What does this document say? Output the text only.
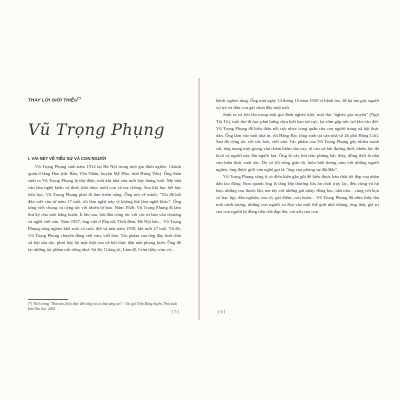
THAY LỜI GIỚI THIỆU(*)
Vũ Trọng Phụng
I. VÀI NÉT VỀ TIỂU SỬ VÀ CON NGƯỜI

Vũ Trọng Phụng sinh năm 1912 tại Hà Nội trong một gia đình nghèo. Chánh quán ở làng Hảo (tức Bần, Yên Nhân, huyện Mỹ Hào, tỉnh Hưng Yên). Ông thân sinh ra Vũ Trọng Phụng là thợ điện, mất khi nhà văn mới bảy tháng tuổi. Mẹ nhà văn làm nghề khâu vá thuê, khó nhọc nuôi con và mẹ chồng. Sau khi học hết bậc tiểu học, Vũ Trọng Phụng phải đi làm kiếm sống. Ông nói về mình: "Tôi đã bắt đầu viết văn từ năm 17 tuổi, tôi làm nghề này vì không thể làm nghề khác". Ông từng viết chung và cộng tác với nhiều tờ báo. Năm 1926, Vũ Trọng Phụng đi làm thư ký cho một hãng buôn. Ít lâu sau, bắt đầu cộng tác với các tờ báo văn chương và nghề viết văn. Năm 1937, ông viết ở Phụ nữ, Thời đàm, Hà Nội báo... Vũ Trọng Phụng sống nghèo khổ suốt cả cuộc đời và mất năm 1939, khi mới 27 tuổi. Từ đó, Vũ Trọng Phụng chuyên đăng viết văn, viết báo. Tác phẩm của ông đầy tính chất xã hội sâu sắc, phơi bày bộ mặt thật của xã hội thực dân nửa phong kiến. Ông để lại những tác phẩm nổi tiếng như: Số đỏ, Giông tố, Làm đĩ, Cơm thầy cơm cô...

(*) Trích trong "Nhà văn, hiệu thực đời sống và cá tính sáng tạo" - Tác giả Trần Đăng Suyền, Nhà xuất bản Văn học, 2002.	[ 5 ]

bệnh. nghèo túng. Ông mất ngày 13 tháng 10 năm 1939 vì bệnh lao, để lại mẹ già, người vợ trẻ và đứa con gái chưa đầy một tuổi.

Sinh ra và lớn lên trong một gia đình nghèo khổ, một thủ "nghèo gia truyền" (Ngô Tất Tố), tuổi thơ đi học phải hứng chịu biết bao túi cực, lại sớm gặp trắc trở khi vào đời. Vũ Trọng Phụng đã hiểu thấu nỗi cực nhọc cùng quẫn của con người trong xã hội thực dân. Ông làm cho một nhà in, rồi Hãng Bạc (ông sinh tại căn nhà số 26 phố Hàng Cót). Sau đó cộng tác với các báo, viết văn. Tác phẩm của Vũ Trọng Phụng gây nhiều tranh cãi, ông mang một giọng văn châm biếm sâu cay, tố cáo xã hội đương thời, nhiều lúc đả kích cả người này lẫn người kia. Ông là cây bút trào phúng bậc thầy, đồng thời là nhà văn hiện thực xuất sắc. Do có lối sống giản dị, luôn biết thông cảm với những người nghèo, ông được giới văn nghệ gọi là "ông vua phóng sự đất Bắc".

Vũ Trọng Phụng sống ít có điều kiện gần gũi để hiểu được bản chất tốt đẹp của nhân dân lao động. Bọn quanh ông là tầng lớp thương lưu ăn chơi trụy lạc, đều cũng và hộ bạn, những vua thuốc lậu, me tây với những gái nhảy, đồng bạc, nhà nho... cùng với bọn cờ bạc bịp, đàn nghiện, ma cô, gái điếm, con buôn... Vũ Trọng Phụng đã nhìn thấy tận mắt cảnh tượng, những con người xa đọa vào một thế giới nhố nhăng, ông thấy giá trị của con người bị đồng tiền chà đạp lên, cái xấu của con

[ 6 ]
